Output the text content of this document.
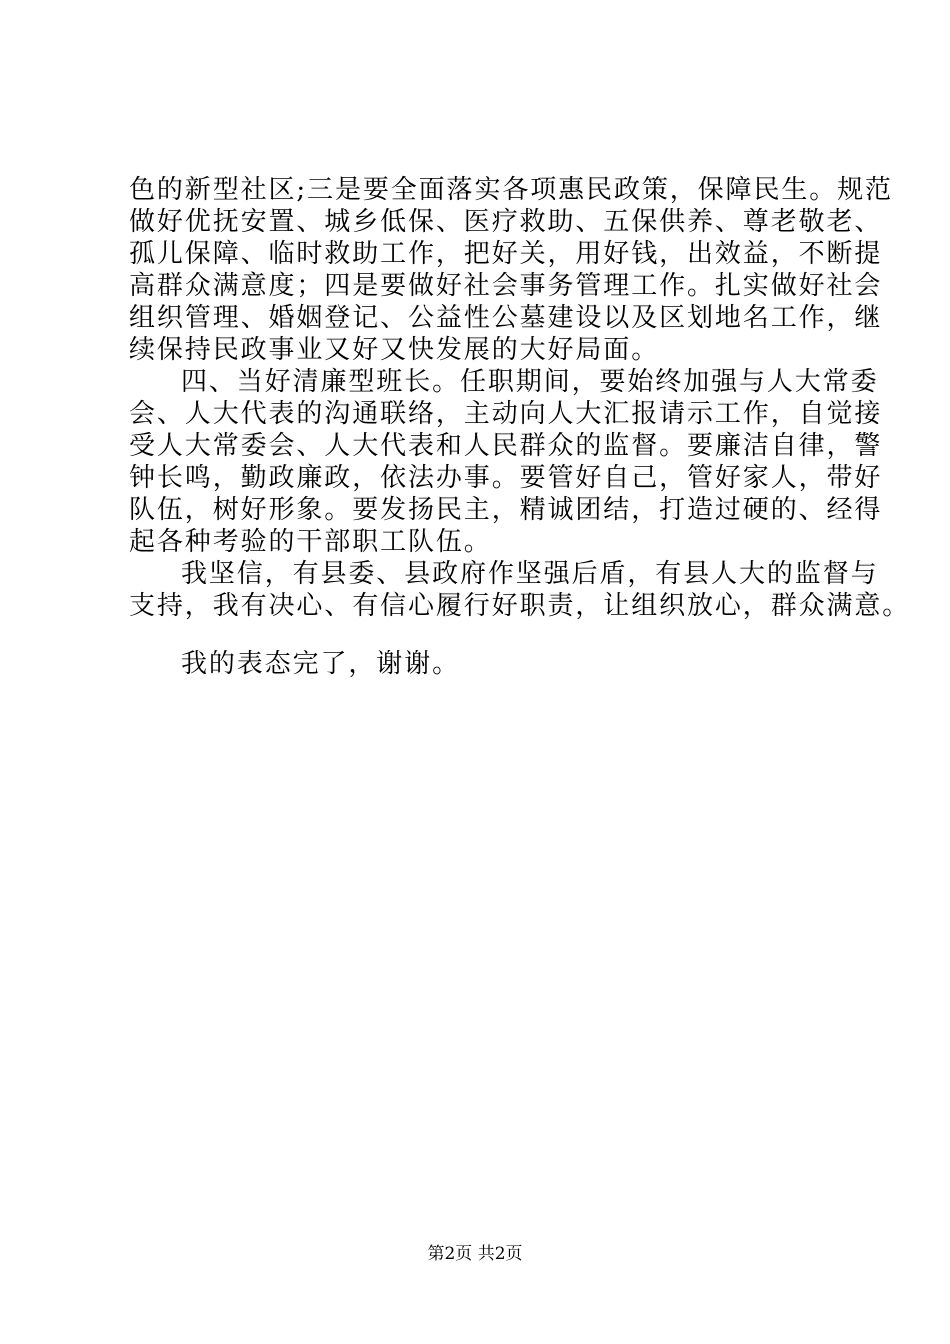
色的新型社区;三是要全面落实各项惠民政策，保障民生。规范
做好优抚安置、城乡低保、医疗救助、五保供养、尊老敬老、
孤儿保障、临时救助工作，把好关，用好钱，出效益，不断提
高群众满意度；四是要做好社会事务管理工作。扎实做好社会
组织管理、婚姻登记、公益性公墓建设以及区划地名工作，继
续保持民政事业又好又快发展的大好局面。
四、当好清廉型班长。任职期间，要始终加强与人大常委
会、人大代表的沟通联络，主动向人大汇报请示工作，自觉接
受人大常委会、人大代表和人民群众的监督。要廉洁自律，警
钟长鸣，勤政廉政，依法办事。要管好自己，管好家人，带好
队伍，树好形象。要发扬民主，精诚团结，打造过硬的、经得
起各种考验的干部职工队伍。
我坚信，有县委、县政府作坚强后盾，有县人大的监督与
支持，我有决心、有信心履行好职责，让组织放心，群众满意。
我的表态完了，谢谢。
第2页 共2页
